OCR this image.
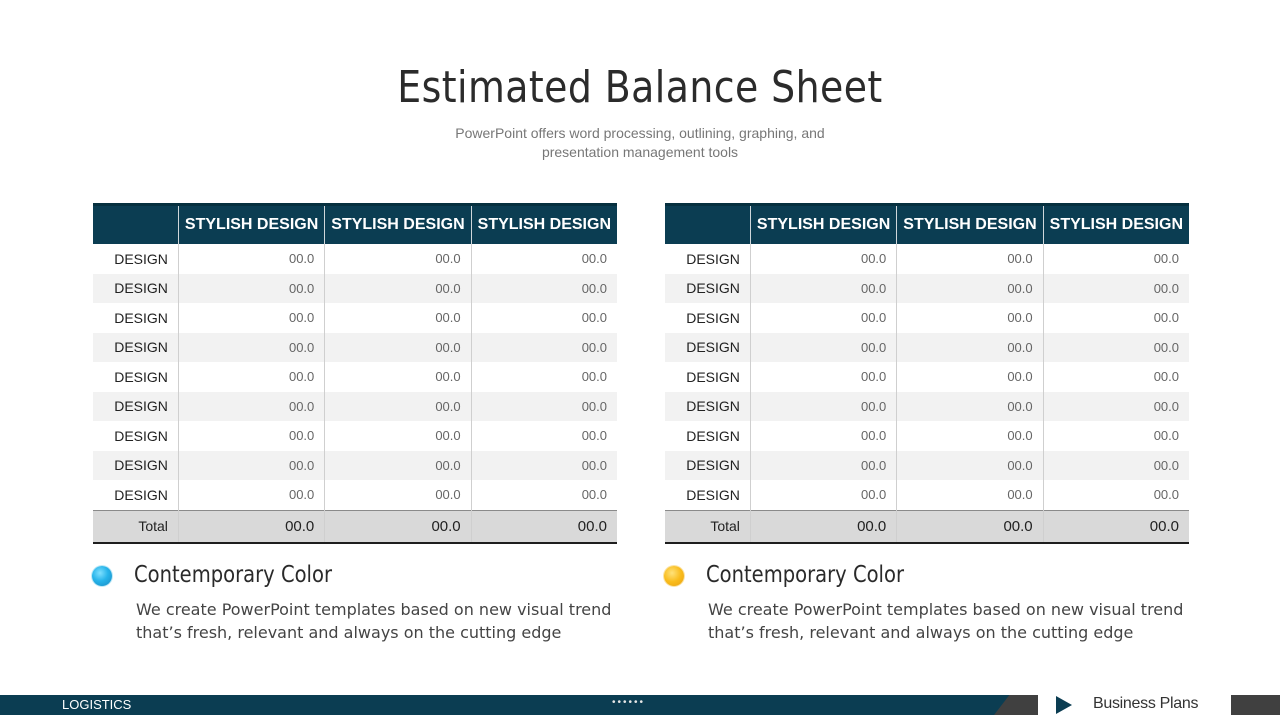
Estimated Balance Sheet
PowerPoint offers word processing, outlining, graphing, and
presentation management tools
	STYLISH DESIGN	STYLISH DESIGN	STYLISH DESIGN
DESIGN	00.0	00.0	00.0
DESIGN	00.0	00.0	00.0
DESIGN	00.0	00.0	00.0
DESIGN	00.0	00.0	00.0
DESIGN	00.0	00.0	00.0
DESIGN	00.0	00.0	00.0
DESIGN	00.0	00.0	00.0
DESIGN	00.0	00.0	00.0
DESIGN	00.0	00.0	00.0
Total	00.0	00.0	00.0
	STYLISH DESIGN	STYLISH DESIGN	STYLISH DESIGN
DESIGN	00.0	00.0	00.0
DESIGN	00.0	00.0	00.0
DESIGN	00.0	00.0	00.0
DESIGN	00.0	00.0	00.0
DESIGN	00.0	00.0	00.0
DESIGN	00.0	00.0	00.0
DESIGN	00.0	00.0	00.0
DESIGN	00.0	00.0	00.0
DESIGN	00.0	00.0	00.0
Total	00.0	00.0	00.0
Contemporary Color
We create PowerPoint templates based on new visual trend
that’s fresh, relevant and always on the cutting edge
Contemporary Color
We create PowerPoint templates based on new visual trend
that’s fresh, relevant and always on the cutting edge
LOGISTICS	••••••	Business Plans
